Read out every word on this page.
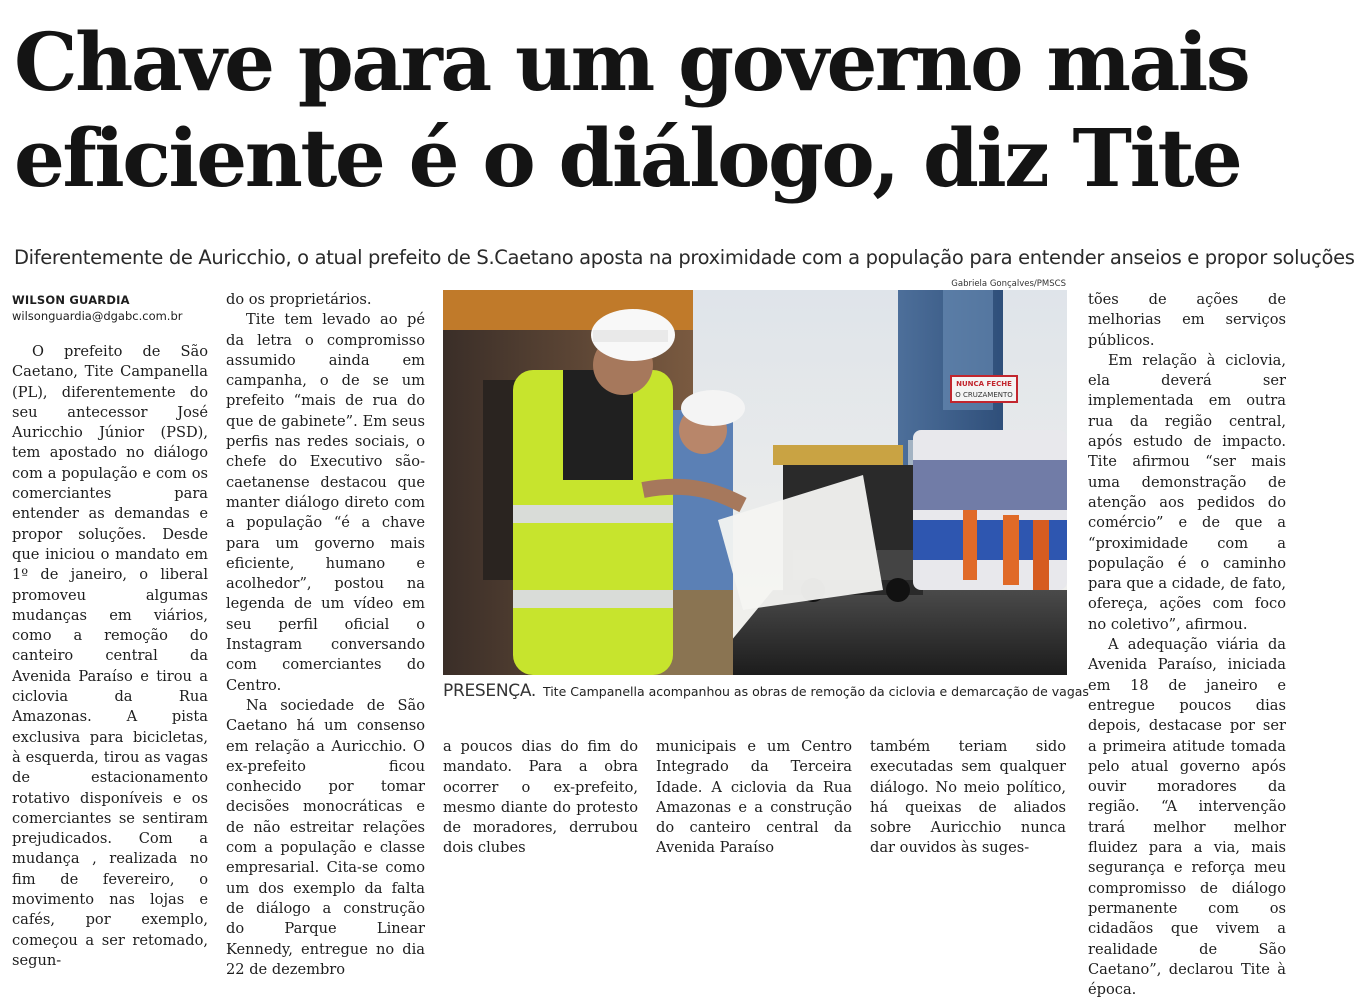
Chave para um governo mais
eficiente é o diálogo, diz Tite
Diferentemente de Auricchio, o atual prefeito de S.Caetano aposta na proximidade com a população para entender anseios e propor soluções
WILSON GUARDIA
wilsonguardia@dgabc.com.br

O prefeito de São Caetano, Tite Campanella (PL), diferentemente do seu antecessor José Auricchio Júnior (PSD), tem apostado no diálogo com a população e com os comerciantes para entender as demandas e propor soluções. Desde que iniciou o mandato em 1º de janeiro, o liberal promoveu algumas mudanças em viários, como a remoção do canteiro central da Avenida Paraíso e tirou a ciclovia da Rua Amazonas. A pista exclusiva para bicicletas, à esquerda, tirou as vagas de estacionamento rotativo disponíveis e os comerciantes se sentiram prejudicados. Com a mudança , realizada no fim de fevereiro, o movimento nas lojas e cafés, por exemplo, começou a ser retomado, segun-

do os proprietários.

Tite tem levado ao pé da letra o compromisso assumido ainda em campanha, o de se um prefeito “mais de rua do que de gabinete”. Em seus perfis nas redes sociais, o chefe do Executivo são-caetanense destacou que manter diálogo direto com a população “é a chave para um governo mais eficiente, humano e acolhedor”, postou na legenda de um vídeo em seu perfil oficial o Instagram conversando com comerciantes do Centro.

Na sociedade de São Caetano há um consenso em relação a Auricchio. O ex-prefeito ficou conhecido por tomar decisões monocráticas e de não estreitar relações com a população e classe empresarial. Cita-se como um dos exemplo da falta de diálogo a construção do Parque Linear Kennedy, entregue no dia 22 de dezembro

Gabriela Gonçalves/PMSCS
NUNCA FECHE
O CRUZAMENTO
PRESENÇA. Tite Campanella acompanhou as obras de remoção da ciclovia e demarcação de vagas

a poucos dias do fim do mandato. Para a obra ocorrer o ex-prefeito, mesmo diante do protesto de moradores, derrubou dois clubes

municipais e um Centro Integrado da Terceira Idade. A ciclovia da Rua Amazonas e a construção do canteiro central da Avenida Paraíso

também teriam sido executadas sem qualquer diálogo. No meio político, há queixas de aliados sobre Auricchio nunca dar ouvidos às suges-

tões de ações de melhorias em serviços públicos.

Em relação à ciclovia, ela deverá ser implementada em outra rua da região central, após estudo de impacto. Tite afirmou “ser mais uma demonstração de atenção aos pedidos do comércio” e de que a “proximidade com a população é o caminho para que a cidade, de fato, ofereça, ações com foco no coletivo”, afirmou.

A adequação viária da Avenida Paraíso, iniciada em 18 de janeiro e entregue poucos dias depois, destacase por ser a primeira atitude tomada pelo atual governo após ouvir moradores da região. “A intervenção trará melhor melhor fluidez para a via, mais segurança e reforça meu compromisso de diálogo permanente com os cidadãos que vivem a realidade de São Caetano”, declarou Tite à época.
